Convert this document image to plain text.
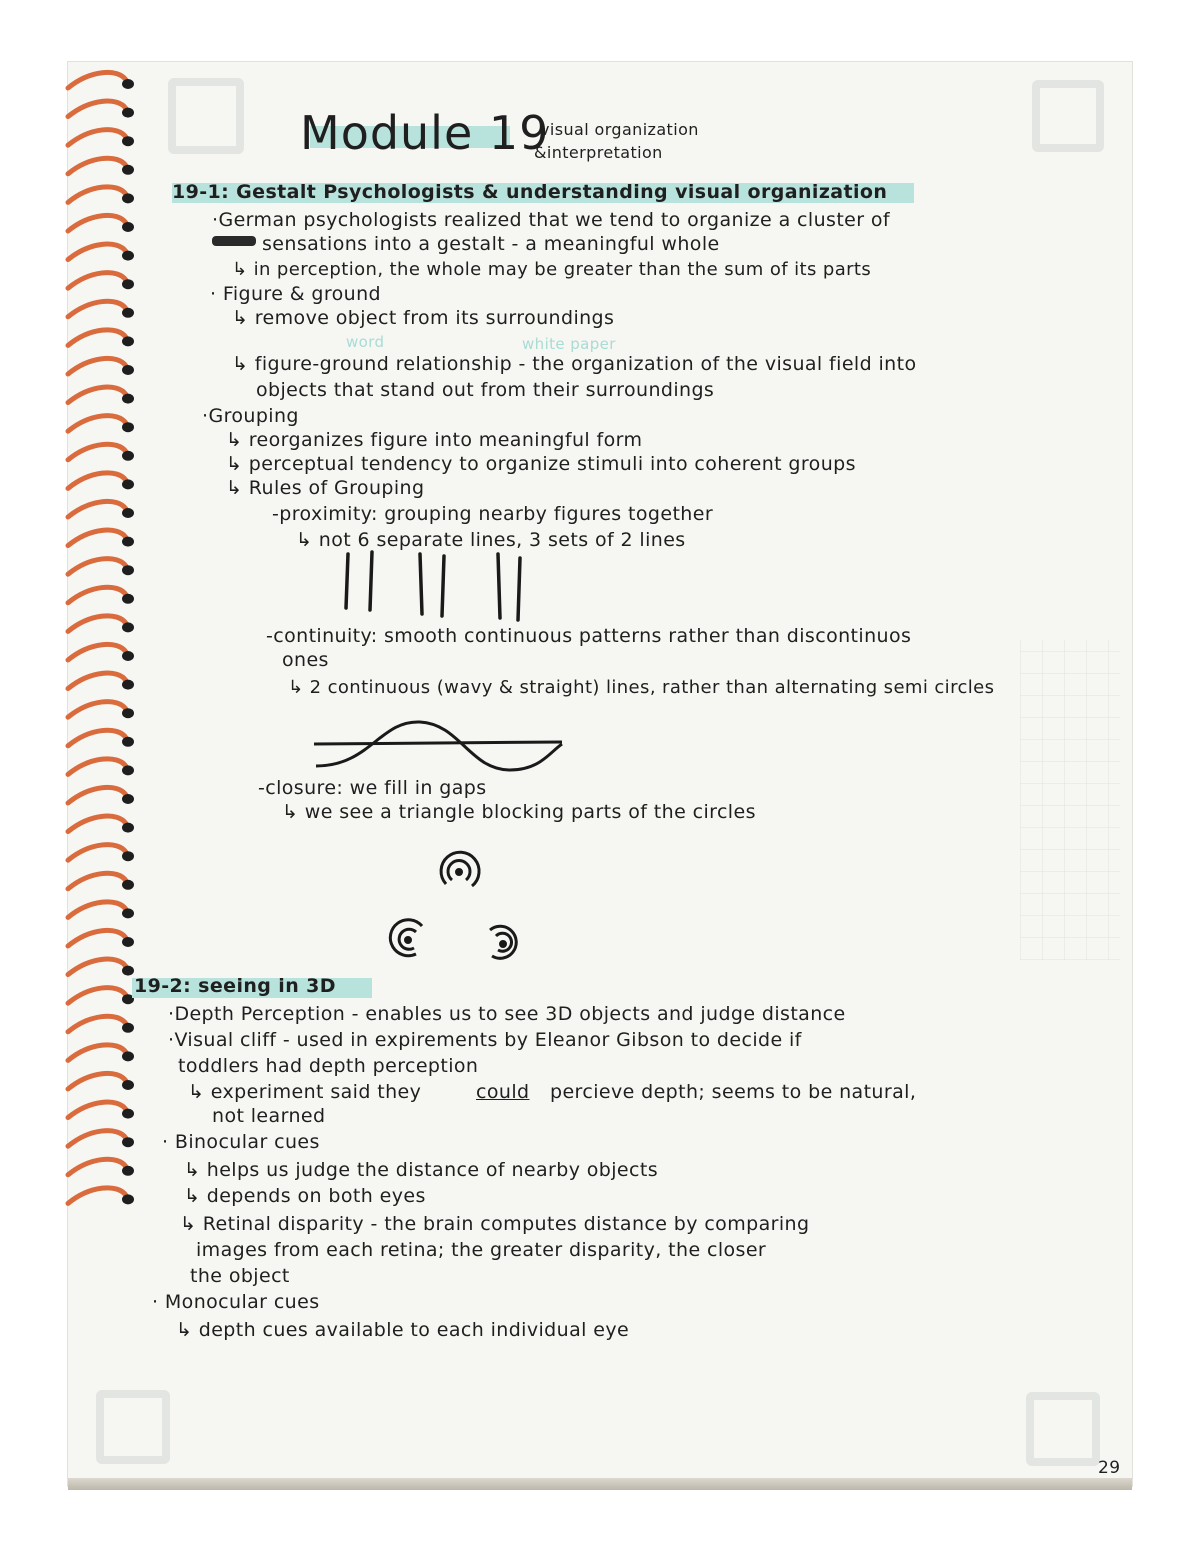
Module 19
visual organization
&interpretation
19-1: Gestalt Psychologists & understanding visual organization
·German psychologists realized that we tend to organize a cluster of
sensations into a gestalt - a meaningful whole
↳ in perception, the whole may be greater than the sum of its parts
· Figure & ground
↳ remove object from its surroundings
word	white paper
↳ figure-ground relationship - the organization of the visual field into
objects that stand out from their surroundings
·Grouping
↳ reorganizes figure into meaningful form
↳ perceptual tendency to organize stimuli into coherent groups
↳ Rules of Grouping
-proximity: grouping nearby figures together
↳ not 6 separate lines, 3 sets of 2 lines
-continuity: smooth continuous patterns rather than discontinuos
ones
↳ 2 continuous (wavy & straight) lines, rather than alternating semi circles
-closure: we fill in gaps
↳ we see a triangle blocking parts of the circles
19-2: seeing in 3D
·Depth Perception - enables us to see 3D objects and judge distance
·Visual cliff - used in expirements by Eleanor Gibson to decide if
toddlers had depth perception
↳ experiment said they	could percieve depth; seems to be natural,
not learned
· Binocular cues
↳ helps us judge the distance of nearby objects
↳ depends on both eyes
↳ Retinal disparity - the brain computes distance by comparing
images from each retina; the greater disparity, the closer
the object
· Monocular cues
↳ depth cues available to each individual eye
29
